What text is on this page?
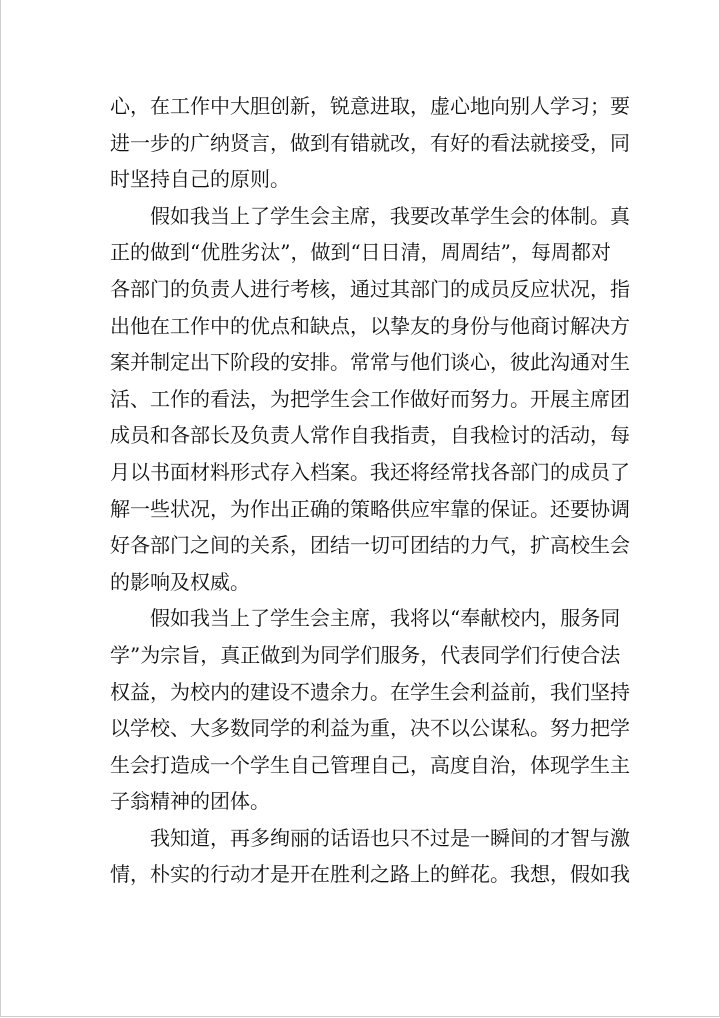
心，在工作中大胆创新，锐意进取，虚心地向别人学习；要
进一步的广纳贤言，做到有错就改，有好的看法就接受，同
时坚持自己的原则。
假如我当上了学生会主席，我要改革学生会的体制。真
正的做到“优胜劣汰”，做到“日日清，周周结”，每周都对
各部门的负责人进行考核，通过其部门的成员反应状况，指
出他在工作中的优点和缺点，以挚友的身份与他商讨解决方
案并制定出下阶段的安排。常常与他们谈心，彼此沟通对生
活、工作的看法，为把学生会工作做好而努力。开展主席团
成员和各部长及负责人常作自我指责，自我检讨的活动，每
月以书面材料形式存入档案。我还将经常找各部门的成员了
解一些状况，为作出正确的策略供应牢靠的保证。还要协调
好各部门之间的关系，团结一切可团结的力气，扩高校生会
的影响及权威。
假如我当上了学生会主席，我将以“奉献校内，服务同
学”为宗旨，真正做到为同学们服务，代表同学们行使合法
权益，为校内的建设不遗余力。在学生会利益前，我们坚持
以学校、大多数同学的利益为重，决不以公谋私。努力把学
生会打造成一个学生自己管理自己，高度自治，体现学生主
子翁精神的团体。
我知道，再多绚丽的话语也只不过是一瞬间的才智与激
情，朴实的行动才是开在胜利之路上的鲜花。我想，假如我
